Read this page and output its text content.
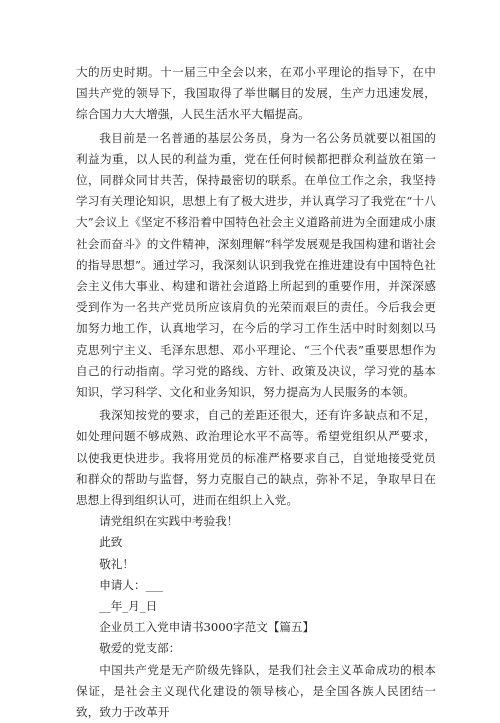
大的历史时期。十一届三中全会以来，在邓小平理论的指导下，在中国共产党的领导下，我国取得了举世瞩目的发展，生产力迅速发展，综合国力大大增强，人民生活水平大幅提高。

我目前是一名普通的基层公务员，身为一名公务员就要以祖国的利益为重，以人民的利益为重，党在任何时候都把群众利益放在第一位，同群众同甘共苦，保持最密切的联系。在单位工作之余，我坚持学习有关理论知识，思想上有了极大进步，并认真学习了我党在“十八大”会议上《坚定不移沿着中国特色社会主义道路前进为全面建成小康社会而奋斗》的文件精神，深刻理解“科学发展观是我国构建和谐社会的指导思想”。通过学习，我深刻认识到我党在推进建设有中国特色社会主义伟大事业、构建和谐社会道路上所起到的重要作用，并深深感受到作为一名共产党员所应该肩负的光荣而艰巨的责任。今后我会更加努力地工作，认真地学习，在今后的学习工作生活中时时刻刻以马克思列宁主义、毛泽东思想、邓小平理论、“三个代表”重要思想作为自己的行动指南。学习党的路线、方针、政策及决议，学习党的基本知识，学习科学、文化和业务知识，努力提高为人民服务的本领。

我深知按党的要求，自己的差距还很大，还有许多缺点和不足，如处理问题不够成熟、政治理论水平不高等。希望党组织从严要求，以使我更快进步。我将用党员的标准严格要求自己，自觉地接受党员和群众的帮助与监督，努力克服自己的缺点，弥补不足，争取早日在思想上得到组织认可，进而在组织上入党。

请党组织在实践中考验我！

此致

敬礼！

申请人：___

__年_月_日

企业员工入党申请书3000字范文【篇五】

敬爱的党支部：

中国共产党是无产阶级先锋队，是我们社会主义革命成功的根本保证，是社会主义现代化建设的领导核心，是全国各族人民团结一致，致力于改革开
